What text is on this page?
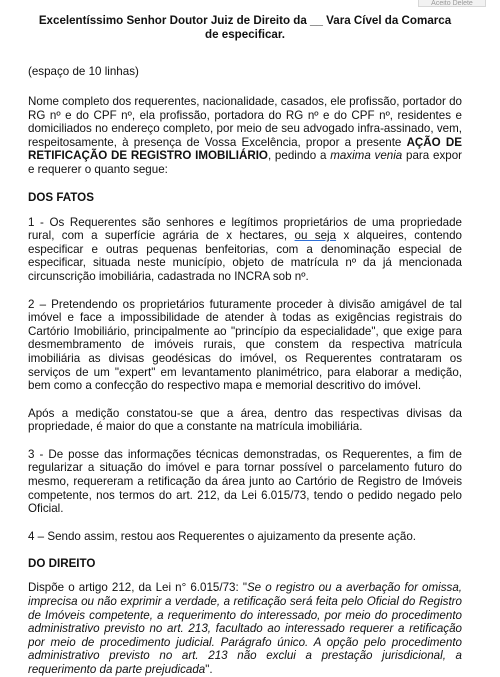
Aceito Delete
Excelentíssimo Senhor Doutor Juiz de Direito da __ Vara Cível da Comarca
de especificar.
(espaço de 10 linhas)
Nome completo dos requerentes, nacionalidade, casados, ele profissão, portador do RG nº e do CPF nº, ela profissão, portadora do RG nº e do CPF nº, residentes e domiciliados no endereço completo, por meio de seu advogado infra-assinado, vem, respeitosamente, à presença de Vossa Excelência, propor a presente AÇÃO DE RETIFICAÇÃO DE REGISTRO IMOBILIÁRIO, pedindo a maxima venia para expor e requerer o quanto segue:
DOS FATOS
1 - Os Requerentes são senhores e legítimos proprietários de uma propriedade rural, com a superfície agrária de x hectares, ou seja x alqueires, contendo especificar e outras pequenas benfeitorias, com a denominação especial de especificar, situada neste município, objeto de matrícula nº da já mencionada circunscrição imobiliária, cadastrada no INCRA sob nº.
2 – Pretendendo os proprietários futuramente proceder à divisão amigável de tal imóvel e face a impossibilidade de atender à todas as exigências registrais do Cartório Imobiliário, principalmente ao "princípio da especialidade", que exige para desmembramento de imóveis rurais, que constem da respectiva matrícula imobiliária as divisas geodésicas do imóvel, os Requerentes contrataram os serviços de um "expert" em levantamento planimétrico, para elaborar a medição, bem como a confecção do respectivo mapa e memorial descritivo do imóvel.
Após a medição constatou-se que a área, dentro das respectivas divisas da propriedade, é maior do que a constante na matrícula imobiliária.
3 - De posse das informações técnicas demonstradas, os Requerentes, a fim de regularizar a situação do imóvel e para tornar possível o parcelamento futuro do mesmo, requereram a retificação da área junto ao Cartório de Registro de Imóveis competente, nos termos do art. 212, da Lei 6.015/73, tendo o pedido negado pelo Oficial.
4 – Sendo assim, restou aos Requerentes o ajuizamento da presente ação.
DO DIREITO
Dispõe o artigo 212, da Lei n° 6.015/73: "Se o registro ou a averbação for omissa, imprecisa ou não exprimir a verdade, a retificação será feita pelo Oficial do Registro de Imóveis competente, a requerimento do interessado, por meio do procedimento administrativo previsto no art. 213, facultado ao interessado requerer a retificação por meio de procedimento judicial. Parágrafo único. A opção pelo procedimento administrativo previsto no art. 213 não exclui a prestação jurisdicional, a requerimento da parte prejudicada".
